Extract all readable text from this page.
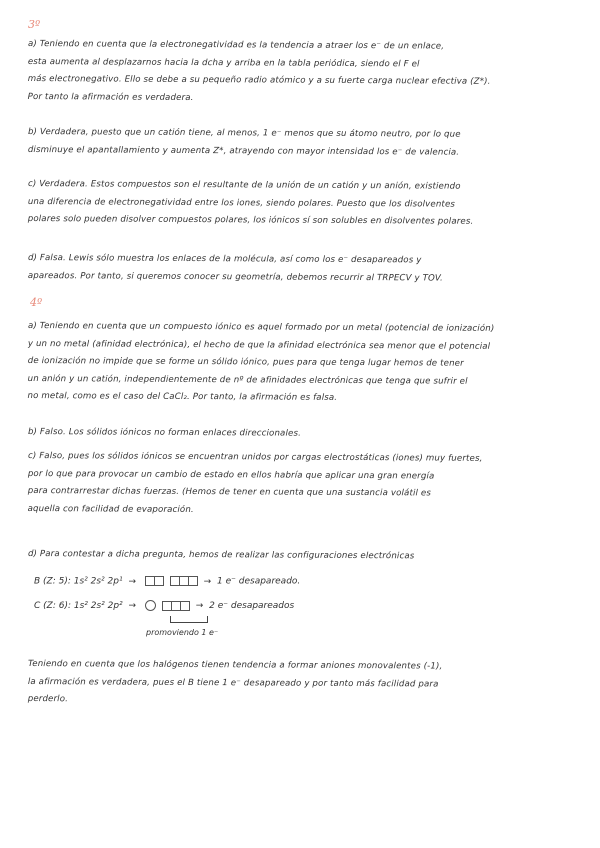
3º
a) Teniendo en cuenta que la electronegatividad es la tendencia a atraer los e⁻ de un enlace,
esta aumenta al desplazarnos hacia la dcha y arriba en la tabla periódica, siendo el F el
más electronegativo. Ello se debe a su pequeño radio atómico y a su fuerte carga nuclear efectiva (Z*).
Por tanto la afirmación es verdadera.
b) Verdadera, puesto que un catión tiene, al menos, 1 e⁻ menos que su átomo neutro, por lo que
disminuye el apantallamiento y aumenta Z*, atrayendo con mayor intensidad los e⁻ de valencia.
c) Verdadera. Estos compuestos son el resultante de la unión de un catión y un anión, existiendo
una diferencia de electronegatividad entre los iones, siendo polares. Puesto que los disolventes
polares solo pueden disolver compuestos polares, los iónicos sí son solubles en disolventes polares.
d) Falsa. Lewis sólo muestra los enlaces de la molécula, así como los e⁻ desapareados y
apareados. Por tanto, si queremos conocer su geometría, debemos recurrir al TRPECV y TOV.
4º
a) Teniendo en cuenta que un compuesto iónico es aquel formado por un metal (potencial de ionización)
y un no metal (afinidad electrónica), el hecho de que la afinidad electrónica sea menor que el potencial
de ionización no impide que se forme un sólido iónico, pues para que tenga lugar hemos de tener
un anión y un catión, independientemente de nº de afinidades electrónicas que tenga que sufrir el
no metal, como es el caso del CaCl₂. Por tanto, la afirmación es falsa.
b) Falso. Los sólidos iónicos no forman enlaces direccionales.
c) Falso, pues los sólidos iónicos se encuentran unidos por cargas electrostáticas (iones) muy fuertes,
por lo que para provocar un cambio de estado en ellos habría que aplicar una gran energía
para contrarrestar dichas fuerzas. (Hemos de tener en cuenta que una sustancia volátil es
aquella con facilidad de evaporación.
d) Para contestar a dicha pregunta, hemos de realizar las configuraciones electrónicas
B (Z: 5): 1s² 2s² 2p¹ →	→ 1 e⁻ desapareado.
C (Z: 6): 1s² 2s² 2p² →	→ 2 e⁻ desapareados
promoviendo 1 e⁻
Teniendo en cuenta que los halógenos tienen tendencia a formar aniones monovalentes (-1),
la afirmación es verdadera, pues el B tiene 1 e⁻ desapareado y por tanto más facilidad para
perderlo.
